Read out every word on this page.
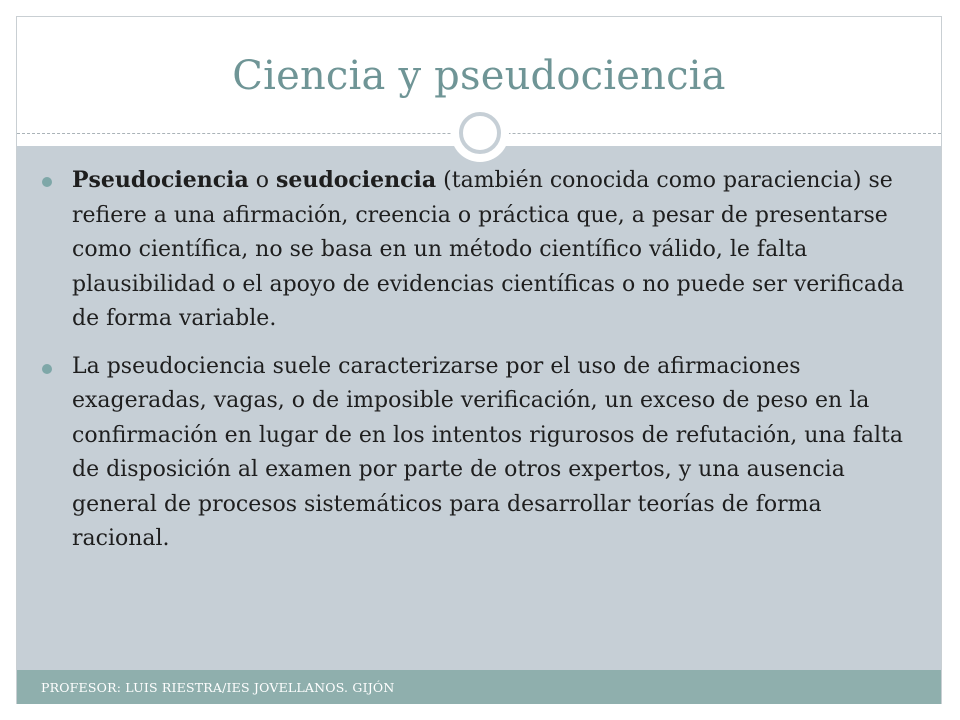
Ciencia y pseudociencia
Pseudociencia o seudociencia (también conocida como paraciencia) se refiere a una afirmación, creencia o práctica que, a pesar de presentarse como científica, no se basa en un método científico válido, le falta plausibilidad o el apoyo de evidencias científicas o no puede ser verificada de forma variable.
La pseudociencia suele caracterizarse por el uso de afirmaciones exageradas, vagas, o de imposible verificación, un exceso de peso en la confirmación en lugar de en los intentos rigurosos de refutación, una falta de disposición al examen por parte de otros expertos, y una ausencia general de procesos sistemáticos para desarrollar teorías de forma racional.
PROFESOR: LUIS RIESTRA/IES JOVELLANOS. GIJÓN
